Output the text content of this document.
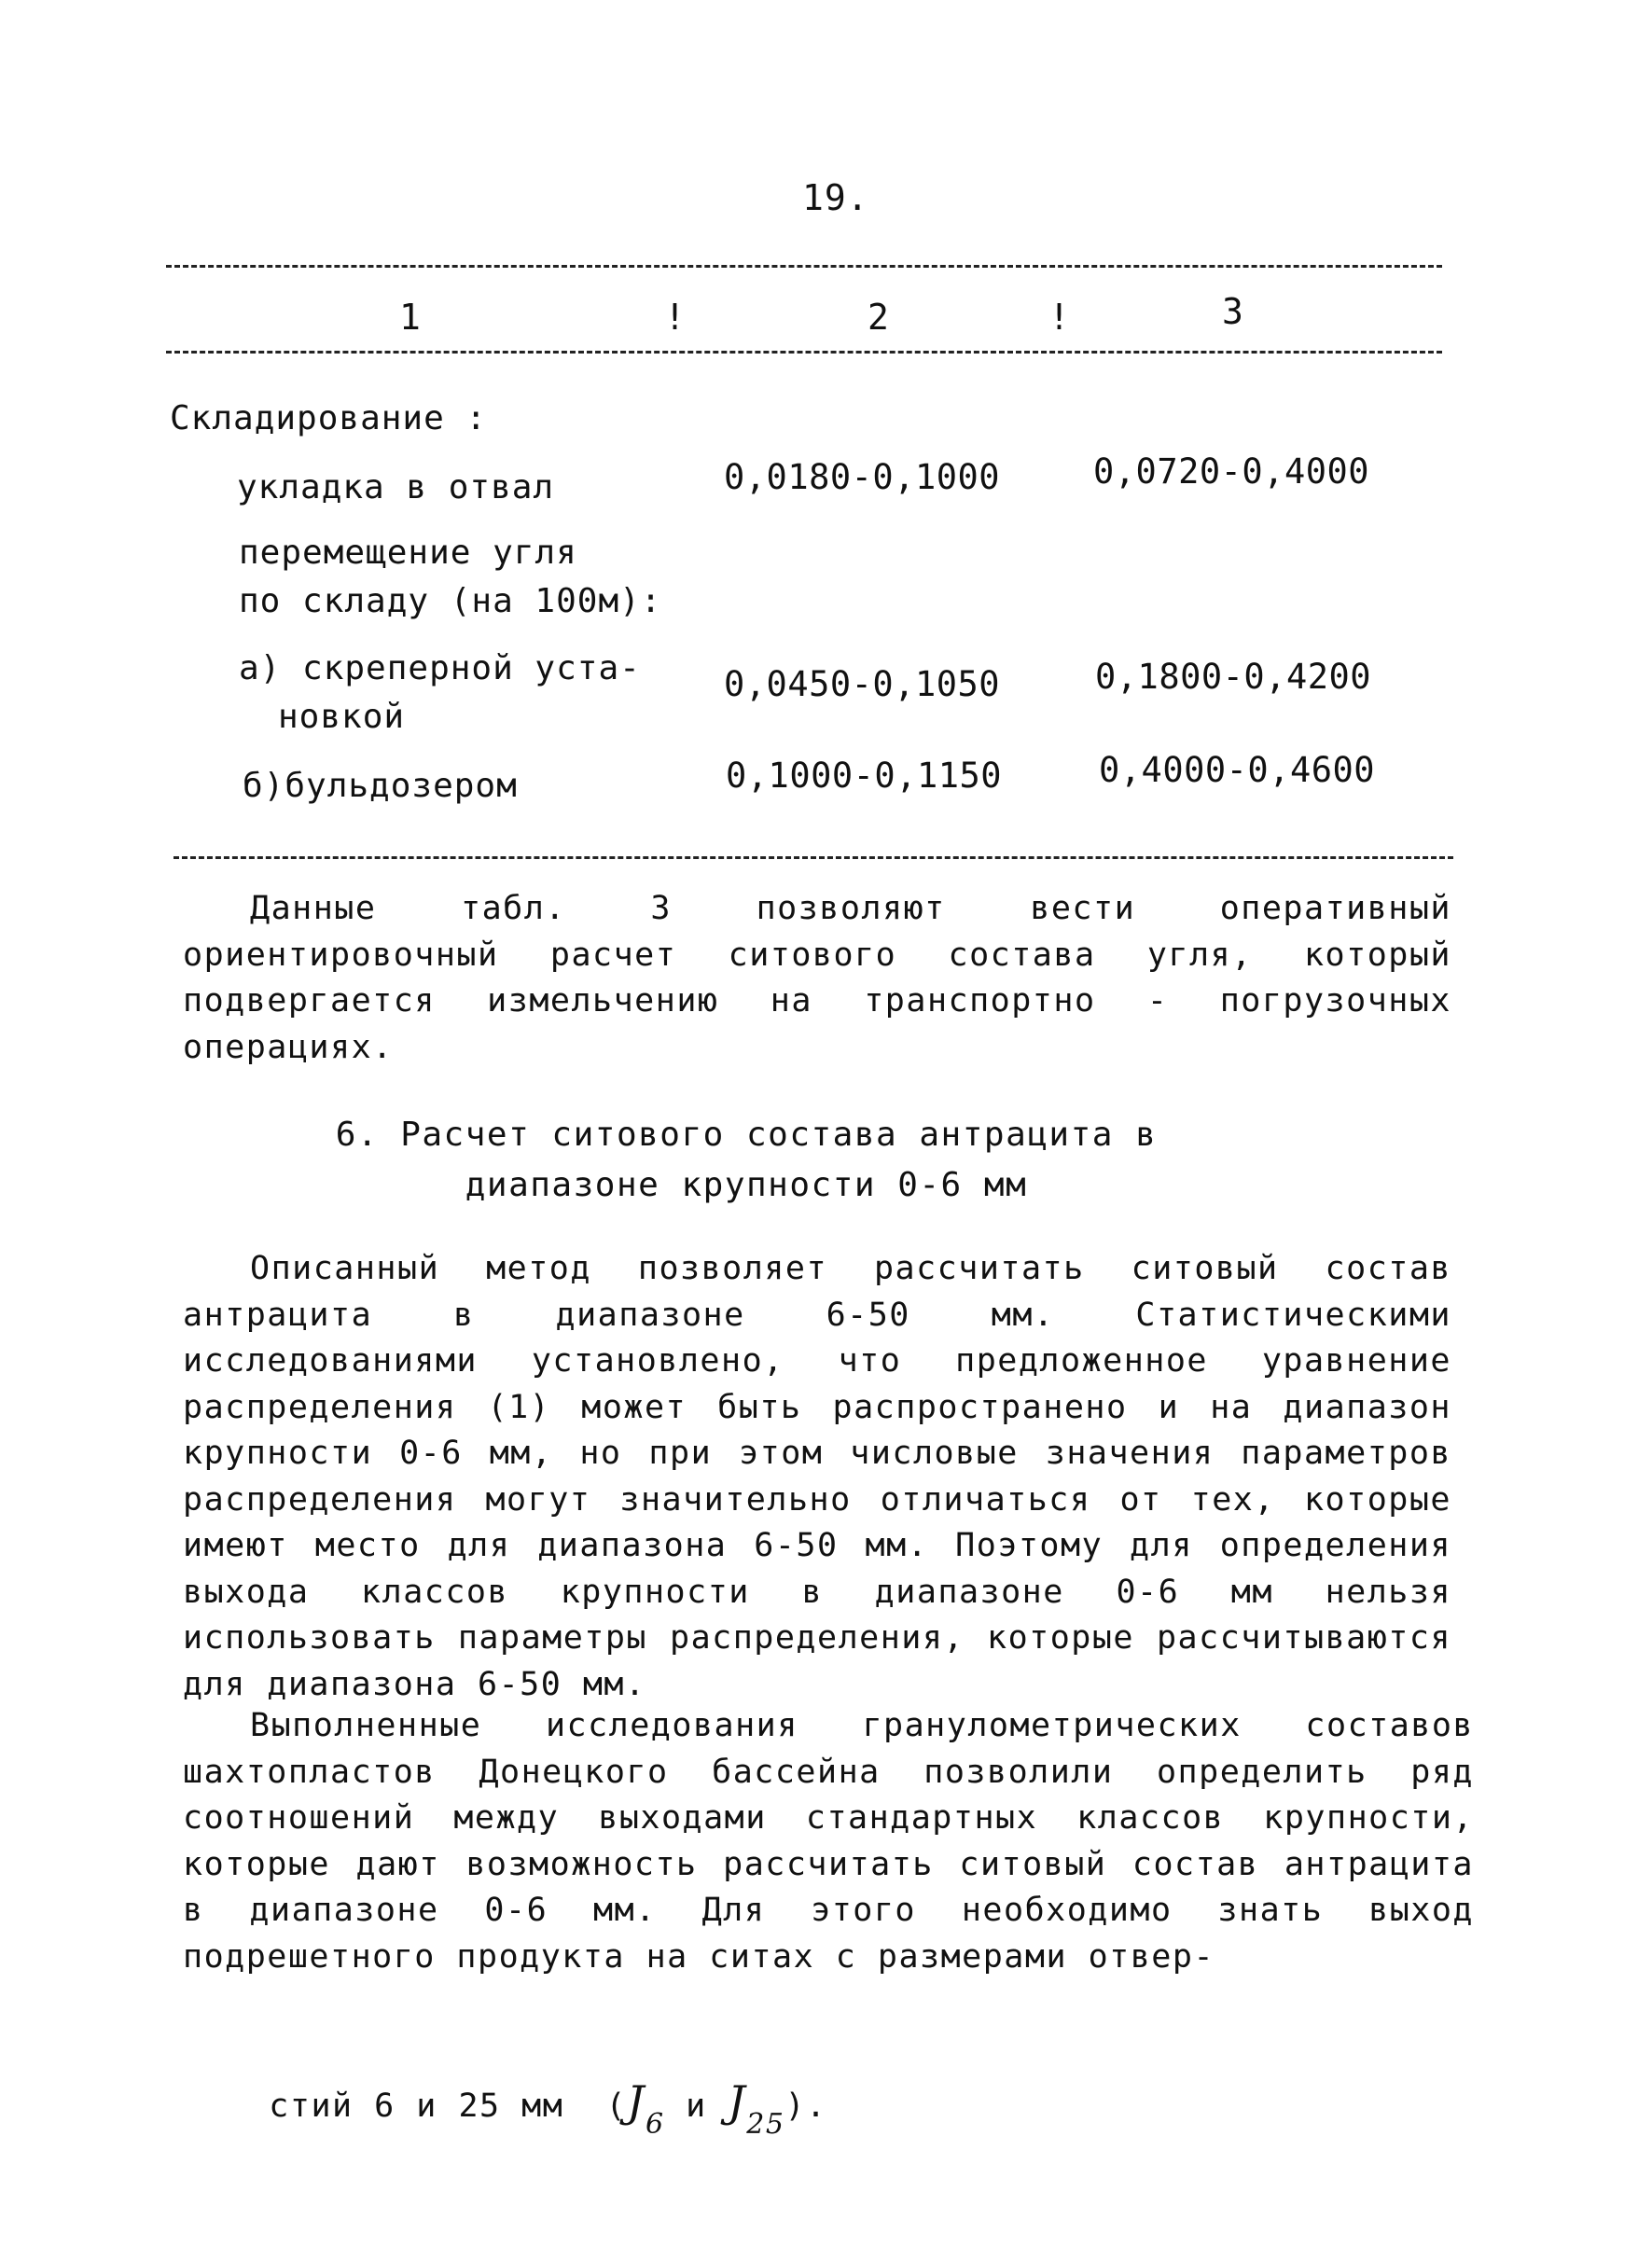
19.
1	!	2	!	3
Складирование :
укладка в отвал	0,0180-0,1000	0,0720-0,4000
перемещение угля
по складу (на 100м):
а) скреперной уста-
новкой
0,0450-0,1050	0,1800-0,4200
б)бульдозером	0,1000-0,1150	0,4000-0,4600
Данные табл. 3 позволяют вести оперативный ориентировочный расчет ситового состава угля, который подвергается измельчению на транспортно - погрузочных операциях.
6. Расчет ситового состава антрацита в
диапазоне крупности 0-6 мм
Описанный метод позволяет рассчитать ситовый состав антрацита в диапазоне 6-50 мм. Статистическими исследованиями установлено, что предложенное уравнение распределения (1) может быть распространено и на диапазон крупности 0-6 мм, но при этом числовые значения параметров распределения могут значительно отличаться от тех, которые имеют место для диапазона 6-50 мм. Поэтому для определения выхода классов крупности в диапазоне 0-6 мм нельзя использовать параметры распределения, которые рассчитываются для диапазона 6-50 мм.
Выполненные исследования гранулометрических составов шахтопластов Донецкого бассейна позволили определить ряд соотношений между выходами стандартных классов крупности, которые дают возможность рассчитать ситовый состав антрацита в диапазоне 0-6 мм. Для этого необходимо знать выход подрешетного продукта на ситах с размерами отвер-

стий 6 и 25 мм  ($J_6$ и $J_{25}$).
